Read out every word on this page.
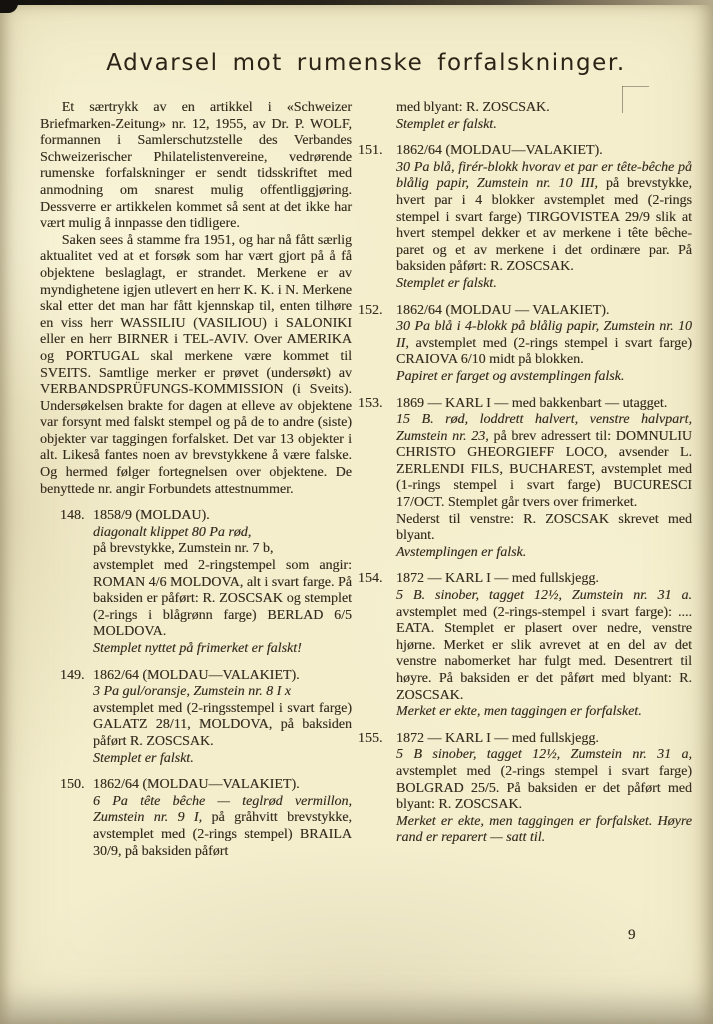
Advarsel mot rumenske forfalskninger.
Et særtrykk av en artikkel i «Schweizer Briefmarken-Zeitung» nr. 12, 1955, av Dr. P. WOLF, formannen i Samlerschutzstelle des Verbandes Schweizerischer Philatelistenvereine, vedrørende rumenske forfalskninger er sendt tidsskriftet med anmodning om snarest mulig offentliggjøring. Dessverre er artikkelen kommet så sent at det ikke har vært mulig å innpasse den tidligere.
Saken sees å stamme fra 1951, og har nå fått særlig aktualitet ved at et forsøk som har vært gjort på å få objektene beslaglagt, er strandet. Merkene er av myndighetene igjen utlevert en herr K. K. i N. Merkene skal etter det man har fått kjennskap til, enten tilhøre en viss herr WASSILIU (VASILIOU) i SALONIKI eller en herr BIRNER i TEL-AVIV. Over AMERIKA og PORTUGAL skal merkene være kommet til SVEITS. Samtlige merker er prøvet (undersøkt) av VERBANDSPRÜFUNGS-KOMMISSION (i Sveits). Undersøkelsen brakte for dagen at elleve av objektene var forsynt med falskt stempel og på de to andre (siste) objekter var taggingen forfalsket. Det var 13 objekter i alt. Likeså fantes noen av brevstykkene å være falske. Og hermed følger fortegnelsen over objektene. De benyttede nr. angir Forbundets attestnummer.
148. 1858/9 (MOLDAU).
diagonalt klippet 80 Pa rød,
på brevstykke, Zumstein nr. 7 b,
avstemplet med 2-ringstempel som angir: ROMAN 4/6 MOLDOVA, alt i svart farge. På baksiden er påført: R. ZOSCSAK og stemplet (2-rings i blågrønn farge) BERLAD 6/5 MOLDOVA.
Stemplet nyttet på frimerket er falskt!
149. 1862/64 (MOLDAU—VALAKIET).
3 Pa gul/oransje, Zumstein nr. 8 I x
avstemplet med (2-ringsstempel i svart farge) GALATZ 28/11, MOLDOVA, på baksiden påført R. ZOSCSAK.
Stemplet er falskt.
150. 1862/64 (MOLDAU—VALAKIET).
6 Pa tête bêche — teglrød vermillon, Zumstein nr. 9 I, på gråhvitt brevstykke, avstemplet med (2-rings stempel) BRAILA 30/9, på baksiden påført
med blyant: R. ZOSCSAK.
Stemplet er falskt.
151. 1862/64 (MOLDAU—VALAKIET).
30 Pa blå, firér-blokk hvorav et par er tête-bêche på blålig papir, Zumstein nr. 10 III, på brevstykke, hvert par i 4 blokker avstemplet med (2-rings stempel i svart farge) TIRGOVISTEA 29/9 slik at hvert stempel dekker et av merkene i tête bêche-paret og et av merkene i det ordinære par. På baksiden påført: R. ZOSCSAK.
Stemplet er falskt.
152. 1862/64 (MOLDAU — VALAKIET).
30 Pa blå i 4-blokk på blålig papir, Zumstein nr. 10 II, avstemplet med (2-rings stempel i svart farge) CRAIOVA 6/10 midt på blokken.
Papiret er farget og avstemplingen falsk.
153. 1869 — KARL I — med bakkenbart — utagget.
15 B. rød, loddrett halvert, venstre halvpart, Zumstein nr. 23, på brev adressert til: DOMNULIU CHRISTO GHEORGIEFF LOCO, avsender L. ZERLENDI FILS, BUCHAREST, avstemplet med (1-rings stempel i svart farge) BUCURESCI 17/OCT. Stemplet går tvers over frimerket.
Nederst til venstre: R. ZOSCSAK skrevet med blyant.
Avstemplingen er falsk.
154. 1872 — KARL I — med fullskjegg.
5 B. sinober, tagget 12½, Zumstein nr. 31 a. avstemplet med (2-rings-stempel i svart farge): .... EATA. Stemplet er plasert over nedre, venstre hjørne. Merket er slik avrevet at en del av det venstre nabomerket har fulgt med. Desentrert til høyre. På baksiden er det påført med blyant: R. ZOSCSAK.
Merket er ekte, men taggingen er forfalsket.
155. 1872 — KARL I — med fullskjegg.
5 B sinober, tagget 12½, Zumstein nr. 31 a, avstemplet med (2-rings stempel i svart farge) BOLGRAD 25/5. På baksiden er det påført med blyant: R. ZOSCSAK.
Merket er ekte, men taggingen er forfalsket. Høyre rand er reparert — satt til.
9
